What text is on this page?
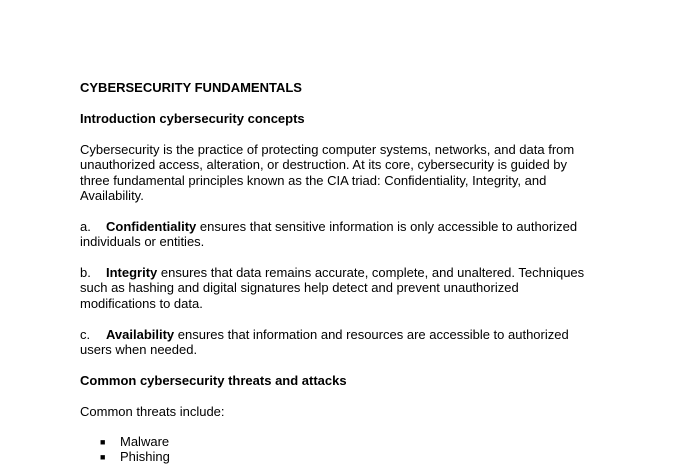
CYBERSECURITY FUNDAMENTALS
Introduction cybersecurity concepts
Cybersecurity is the practice of protecting computer systems, networks, and data from
unauthorized access, alteration, or destruction. At its core, cybersecurity is guided by
three fundamental principles known as the CIA triad: Confidentiality, Integrity, and
Availability.
a. Confidentiality ensures that sensitive information is only accessible to authorized
individuals or entities.
b. Integrity ensures that data remains accurate, complete, and unaltered. Techniques
such as hashing and digital signatures help detect and prevent unauthorized
modifications to data.
c. Availability ensures that information and resources are accessible to authorized
users when needed.
Common cybersecurity threats and attacks
Common threats include:
■ Malware
■ Phishing
